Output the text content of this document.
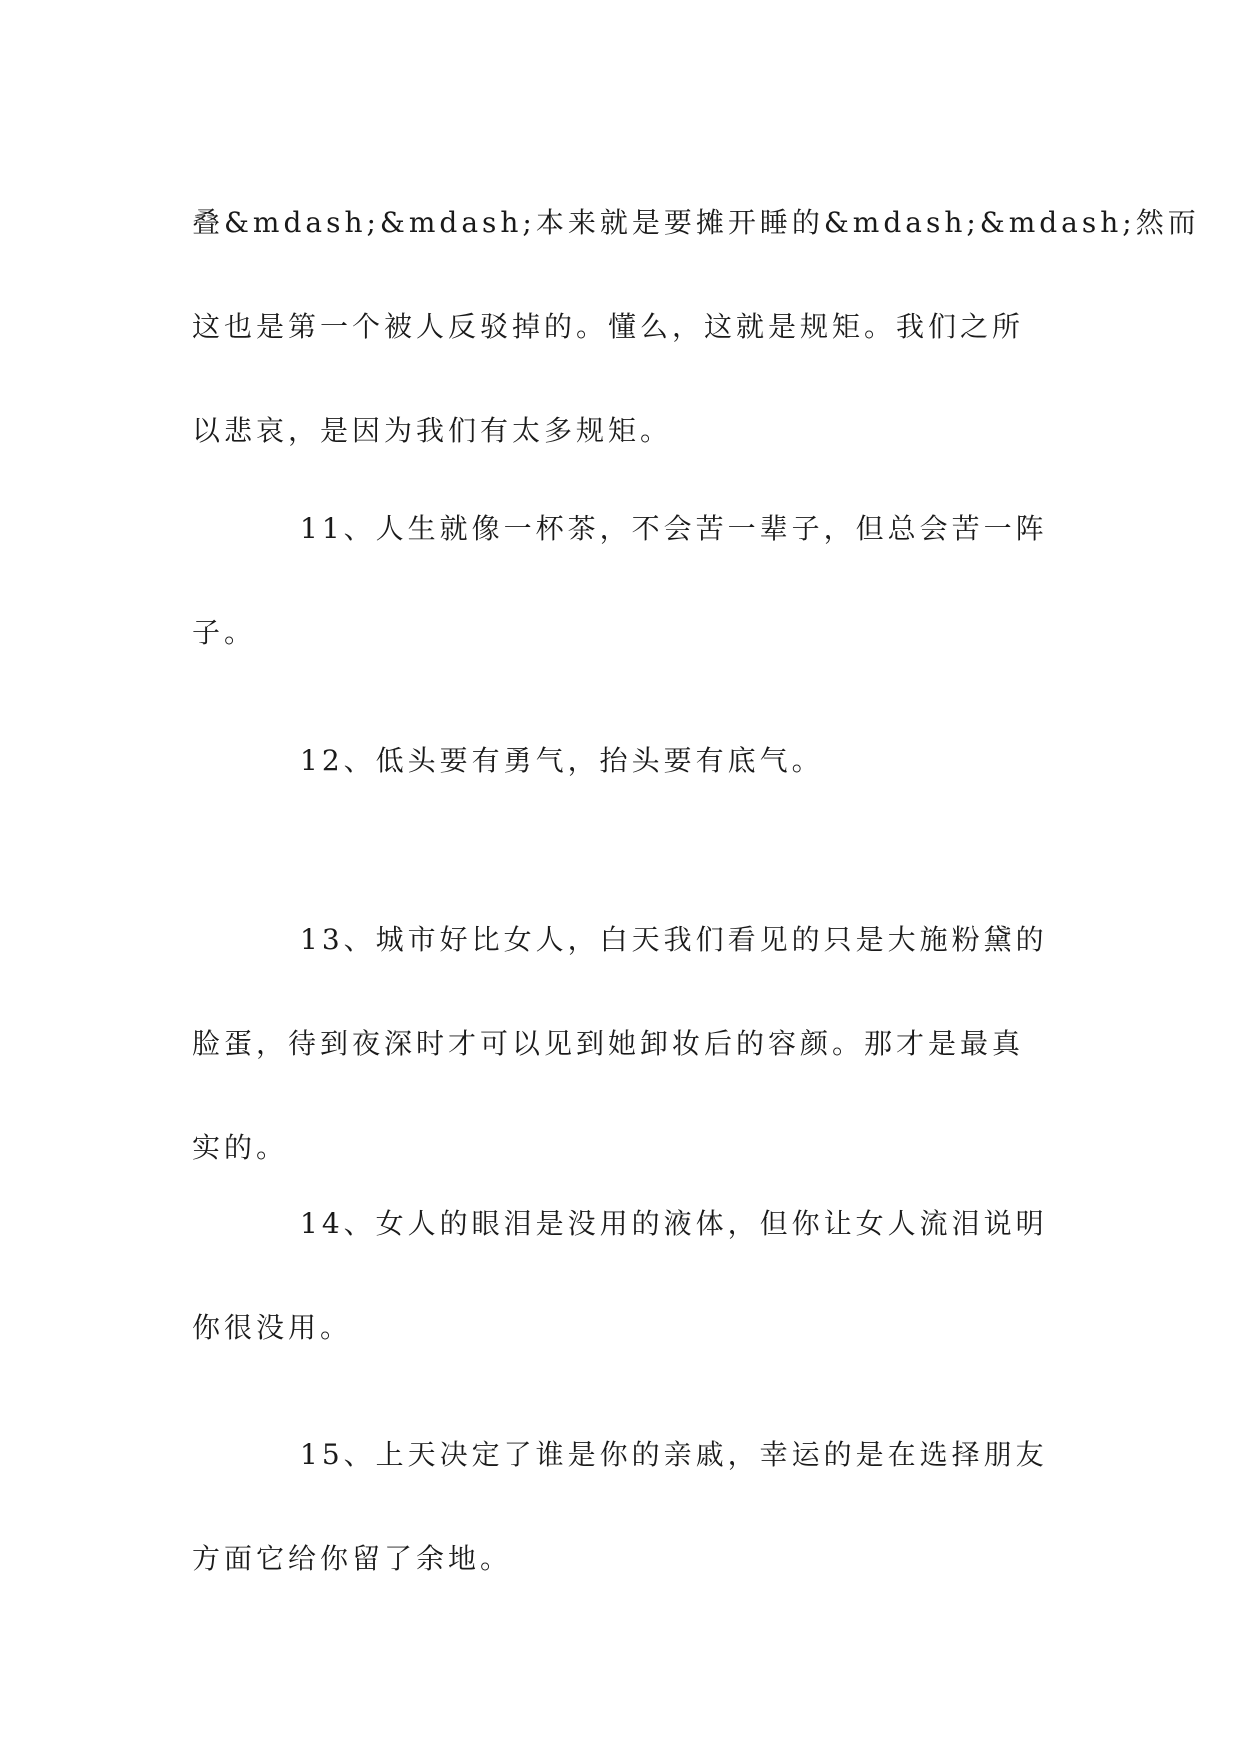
叠&mdash;&mdash;本来就是要摊开睡的&mdash;&mdash;然而

这也是第一个被人反驳掉的。懂么，这就是规矩。我们之所

以悲哀，是因为我们有太多规矩。

11、人生就像一杯茶，不会苦一辈子，但总会苦一阵

子。

12、低头要有勇气，抬头要有底气。

13、城市好比女人，白天我们看见的只是大施粉黛的

脸蛋，待到夜深时才可以见到她卸妆后的容颜。那才是最真

实的。

14、女人的眼泪是没用的液体，但你让女人流泪说明

你很没用。

15、上天决定了谁是你的亲戚，幸运的是在选择朋友

方面它给你留了余地。
